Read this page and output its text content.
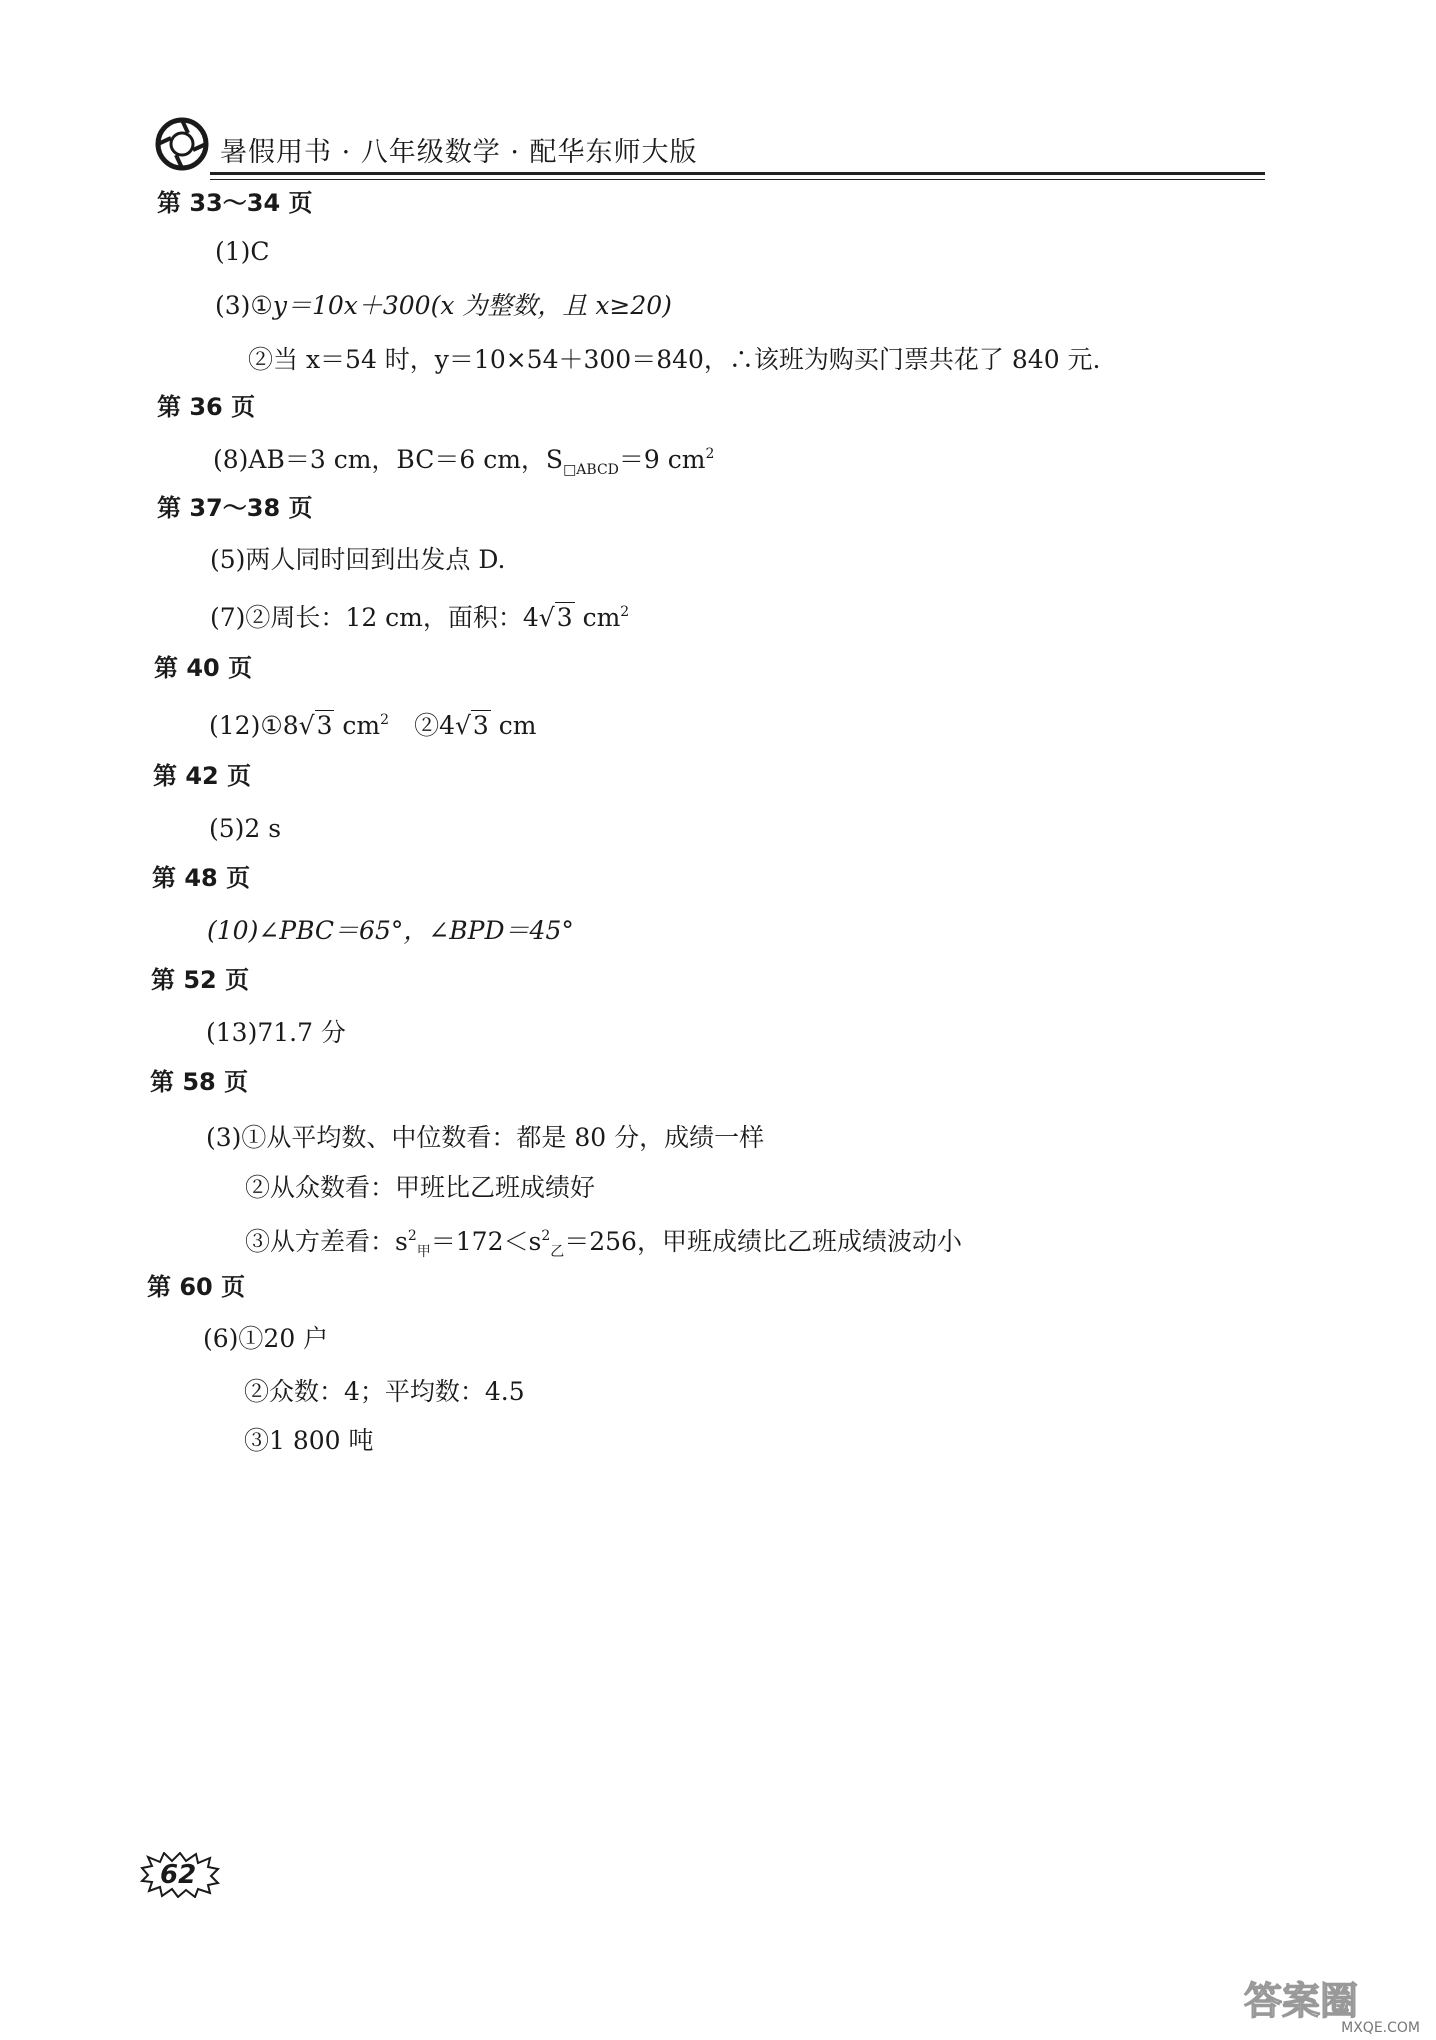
暑假用书 · 八年级数学 · 配华东师大版
第 33～34 页
(1)C
(3)①y＝10x＋300(x 为整数，且 x≥20)
②当 x＝54 时，y＝10×54＋300＝840，∴该班为购买门票共花了 840 元.
第 36 页
(8)AB＝3 cm，BC＝6 cm，$S_{□ABCD}=9$ $cm^2$
第 37～38 页
(5)两人同时回到出发点 D.
(7)②周长：12 cm，面积：4√3 $cm^2$
第 40 页
(12)①8√3 $cm^2$　②4√3 cm
第 42 页
(5)2 s
第 48 页
(10)∠PBC＝65°，∠BPD＝45°
第 52 页
(13)71.7 分
第 58 页
(3)①从平均数、中位数看：都是 80 分，成绩一样
②从众数看：甲班比乙班成绩好
③从方差看：$s^2_甲=172<s^2_乙=256$，甲班成绩比乙班成绩波动小
第 60 页
(6)①20 户
②众数：4；平均数：4.5
③1 800 吨
62
答案圈
MXQE.COM
